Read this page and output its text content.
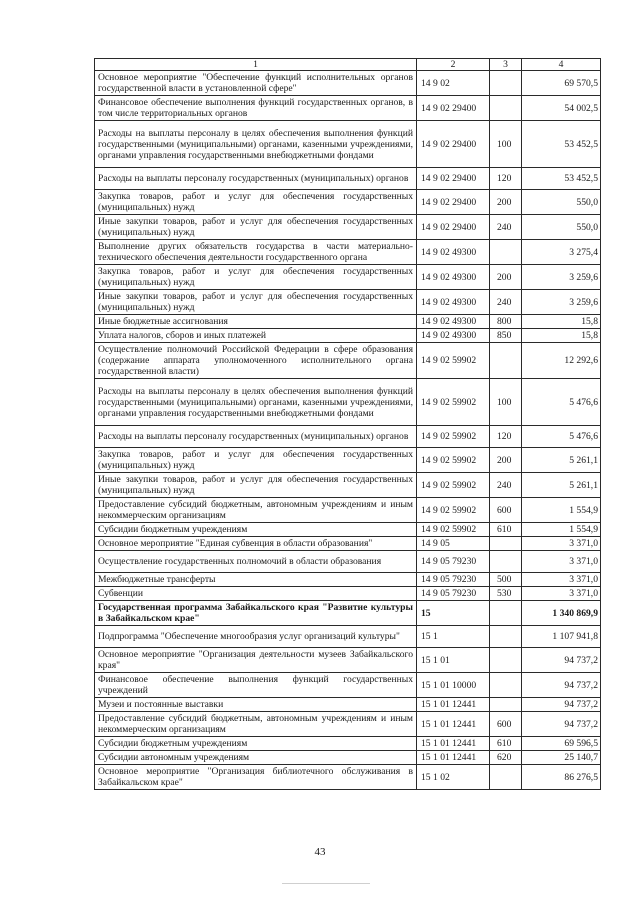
1	2	3	4
Основное мероприятие "Обеспечение функций исполнительных органов государственной власти в установленной сфере"	14 9 02		69 570,5
Финансовое обеспечение выполнения функций государственных органов, в том числе территориальных органов	14 9 02 29400		54 002,5
Расходы на выплаты персоналу в целях обеспечения выполнения функций государственными (муниципальными) органами, казенными учреждениями, органами управления государственными внебюджетными фондами	14 9 02 29400	100	53 452,5
Расходы на выплаты персоналу государственных (муниципальных) органов	14 9 02 29400	120	53 452,5
Закупка товаров, работ и услуг для обеспечения государственных (муниципальных) нужд	14 9 02 29400	200	550,0
Иные закупки товаров, работ и услуг для обеспечения государственных (муниципальных) нужд	14 9 02 29400	240	550,0
Выполнение других обязательств государства в части материально-технического обеспечения деятельности государственного органа	14 9 02 49300		3 275,4
Закупка товаров, работ и услуг для обеспечения государственных (муниципальных) нужд	14 9 02 49300	200	3 259,6
Иные закупки товаров, работ и услуг для обеспечения государственных (муниципальных) нужд	14 9 02 49300	240	3 259,6
Иные бюджетные ассигнования	14 9 02 49300	800	15,8
Уплата налогов, сборов и иных платежей	14 9 02 49300	850	15,8
Осуществление полномочий Российской Федерации в сфере образования (содержание аппарата уполномоченного исполнительного органа государственной власти)	14 9 02 59902		12 292,6
Расходы на выплаты персоналу в целях обеспечения выполнения функций государственными (муниципальными) органами, казенными учреждениями, органами управления государственными внебюджетными фондами	14 9 02 59902	100	5 476,6
Расходы на выплаты персоналу государственных (муниципальных) органов	14 9 02 59902	120	5 476,6
Закупка товаров, работ и услуг для обеспечения государственных (муниципальных) нужд	14 9 02 59902	200	5 261,1
Иные закупки товаров, работ и услуг для обеспечения государственных (муниципальных) нужд	14 9 02 59902	240	5 261,1
Предоставление субсидий бюджетным, автономным учреждениям и иным некоммерческим организациям	14 9 02 59902	600	1 554,9
Субсидии бюджетным учреждениям	14 9 02 59902	610	1 554,9
Основное мероприятие "Единая субвенция в области образования"	14 9 05		3 371,0
Осуществление государственных полномочий в области образования	14 9 05 79230		3 371,0
Межбюджетные трансферты	14 9 05 79230	500	3 371,0
Субвенции	14 9 05 79230	530	3 371,0
Государственная программа Забайкальского края "Развитие культуры в Забайкальском крае"	15		1 340 869,9
Подпрограмма "Обеспечение многообразия услуг организаций культуры"	15 1		1 107 941,8
Основное мероприятие "Организация деятельности музеев Забайкальского края"	15 1 01		94 737,2
Финансовое обеспечение выполнения функций государственных учреждений	15 1 01 10000		94 737,2
Музеи и постоянные выставки	15 1 01 12441		94 737,2
Предоставление субсидий бюджетным, автономным учреждениям и иным некоммерческим организациям	15 1 01 12441	600	94 737,2
Субсидии бюджетным учреждениям	15 1 01 12441	610	69 596,5
Субсидии автономным учреждениям	15 1 01 12441	620	25 140,7
Основное мероприятие "Организация библиотечного обслуживания в Забайкальском крае"	15 1 02		86 276,5
43
